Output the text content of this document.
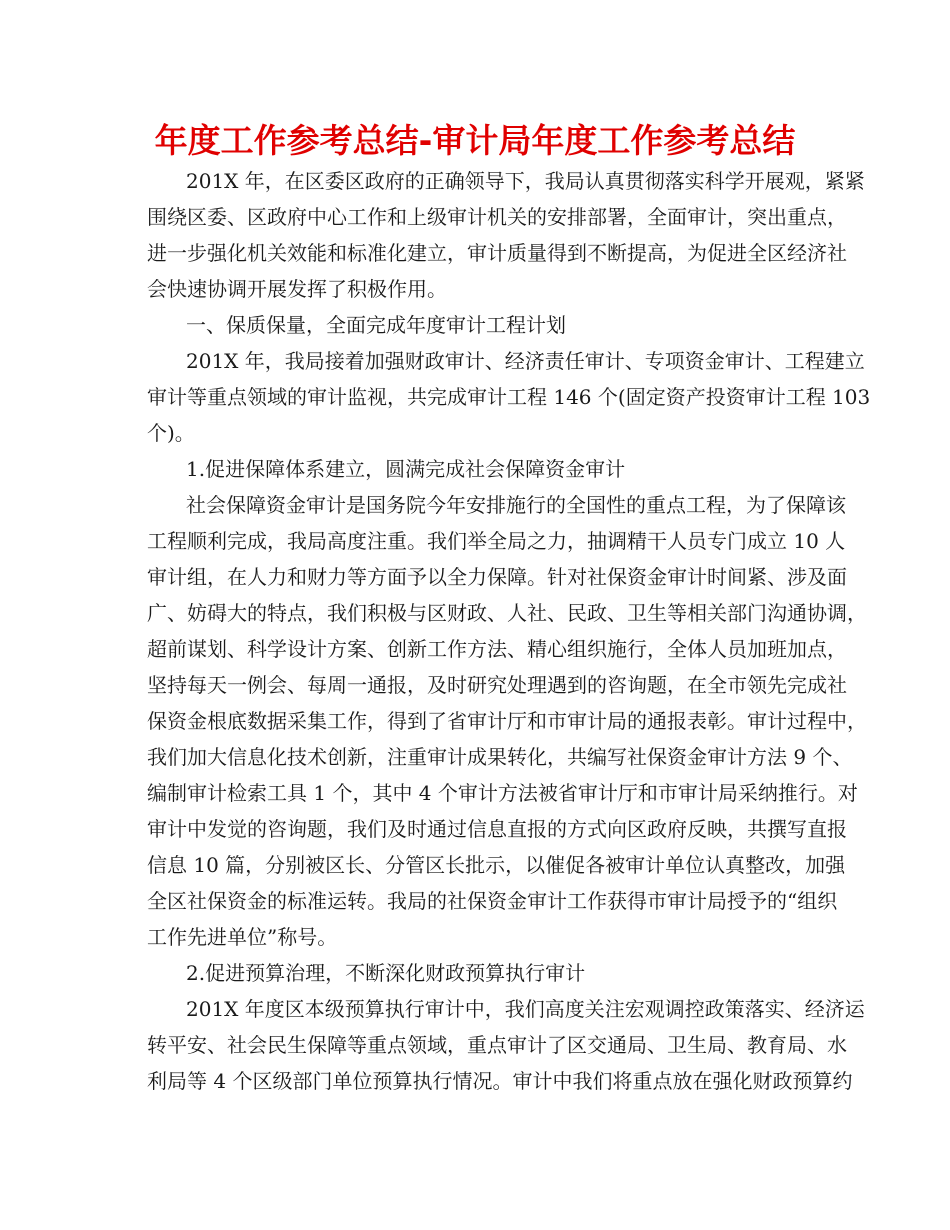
年度工作参考总结-审计局年度工作参考总结

201X 年，在区委区政府的正确领导下，我局认真贯彻落实科学开展观，紧紧

围绕区委、区政府中心工作和上级审计机关的安排部署，全面审计，突出重点，

进一步强化机关效能和标准化建立，审计质量得到不断提高，为促进全区经济社

会快速协调开展发挥了积极作用。

一、保质保量，全面完成年度审计工程计划

201X 年，我局接着加强财政审计、经济责任审计、专项资金审计、工程建立

审计等重点领域的审计监视，共完成审计工程 146 个(固定资产投资审计工程 103

个)。

1.促进保障体系建立，圆满完成社会保障资金审计

社会保障资金审计是国务院今年安排施行的全国性的重点工程，为了保障该

工程顺利完成，我局高度注重。我们举全局之力，抽调精干人员专门成立 10 人

审计组，在人力和财力等方面予以全力保障。针对社保资金审计时间紧、涉及面

广、妨碍大的特点，我们积极与区财政、人社、民政、卫生等相关部门沟通协调，

超前谋划、科学设计方案、创新工作方法、精心组织施行，全体人员加班加点，

坚持每天一例会、每周一通报，及时研究处理遇到的咨询题，在全市领先完成社

保资金根底数据采集工作，得到了省审计厅和市审计局的通报表彰。审计过程中，

我们加大信息化技术创新，注重审计成果转化，共编写社保资金审计方法 9 个、

编制审计检索工具 1 个，其中 4 个审计方法被省审计厅和市审计局采纳推行。对

审计中发觉的咨询题，我们及时通过信息直报的方式向区政府反映，共撰写直报

信息 10 篇，分别被区长、分管区长批示，以催促各被审计单位认真整改，加强

全区社保资金的标准运转。我局的社保资金审计工作获得市审计局授予的“组织

工作先进单位”称号。

2.促进预算治理，不断深化财政预算执行审计

201X 年度区本级预算执行审计中，我们高度关注宏观调控政策落实、经济运

转平安、社会民生保障等重点领域，重点审计了区交通局、卫生局、教育局、水

利局等 4 个区级部门单位预算执行情况。审计中我们将重点放在强化财政预算约
